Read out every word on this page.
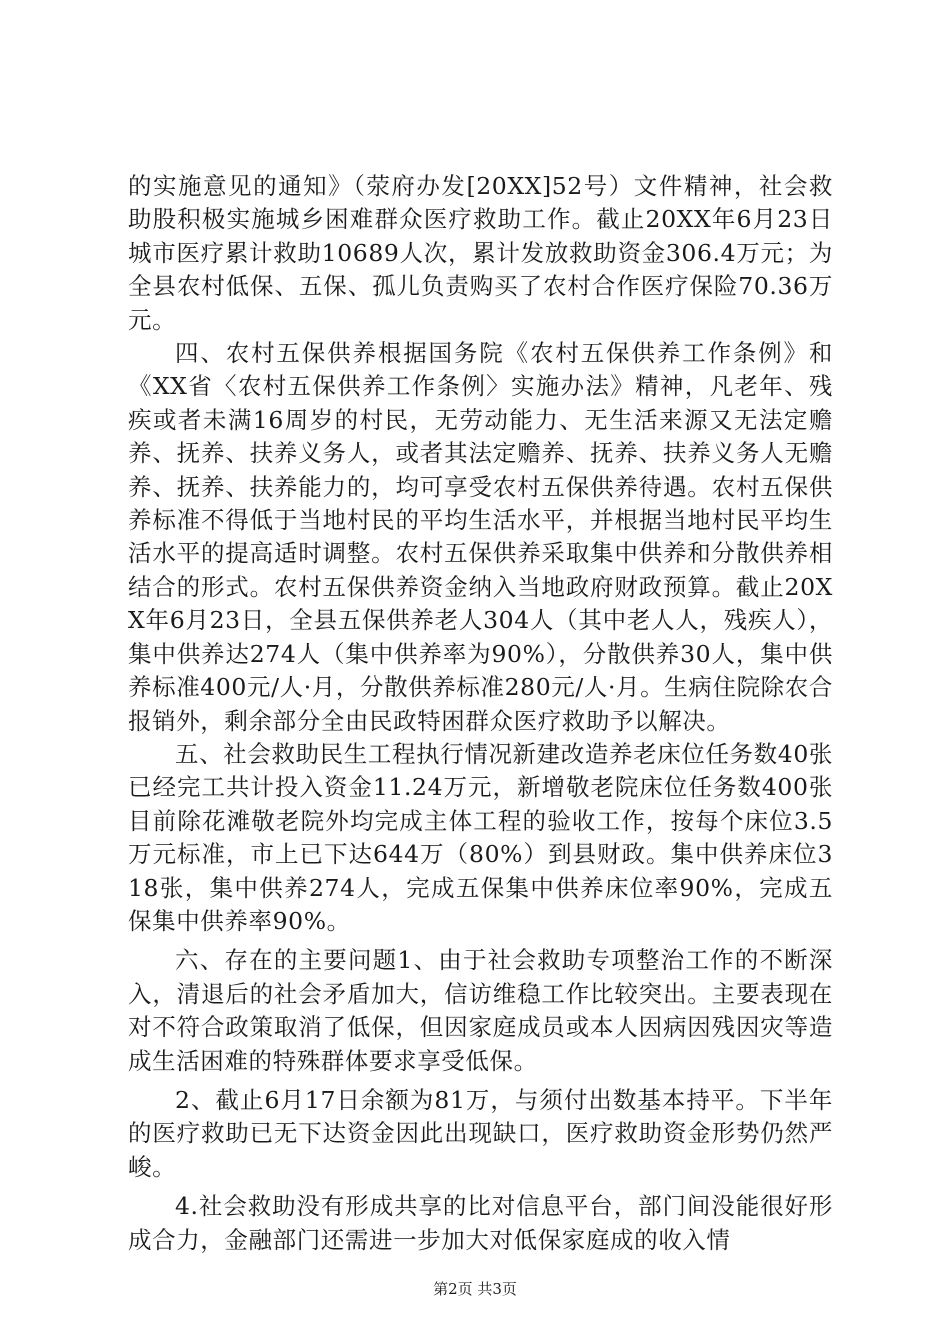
的实施意见的通知》（荥府办发[20XX]52号）文件精神，社会救助股积极实施城乡困难群众医疗救助工作。截止20XX年6月23日城市医疗累计救助10689人次，累计发放救助资金306.4万元；为全县农村低保、五保、孤儿负责购买了农村合作医疗保险70.36万元。

四、农村五保供养根据国务院《农村五保供养工作条例》和《XX省〈农村五保供养工作条例〉实施办法》精神，凡老年、残疾或者未满16周岁的村民，无劳动能力、无生活来源又无法定赡养、抚养、扶养义务人，或者其法定赡养、抚养、扶养义务人无赡养、抚养、扶养能力的，均可享受农村五保供养待遇。农村五保供养标准不得低于当地村民的平均生活水平，并根据当地村民平均生活水平的提高适时调整。农村五保供养采取集中供养和分散供养相结合的形式。农村五保供养资金纳入当地政府财政预算。截止20XX年6月23日，全县五保供养老人304人（其中老人人，残疾人），集中供养达274人（集中供养率为90%），分散供养30人，集中供养标准400元/人·月，分散供养标准280元/人·月。生病住院除农合报销外，剩余部分全由民政特困群众医疗救助予以解决。

五、社会救助民生工程执行情况新建改造养老床位任务数40张已经完工共计投入资金11.24万元，新增敬老院床位任务数400张目前除花滩敬老院外均完成主体工程的验收工作，按每个床位3.5万元标准，市上已下达644万（80%）到县财政。集中供养床位318张，集中供养274人，完成五保集中供养床位率90%，完成五保集中供养率90%。

六、存在的主要问题1、由于社会救助专项整治工作的不断深入，清退后的社会矛盾加大，信访维稳工作比较突出。主要表现在对不符合政策取消了低保，但因家庭成员或本人因病因残因灾等造成生活困难的特殊群体要求享受低保。

2、截止6月17日余额为81万，与须付出数基本持平。下半年的医疗救助已无下达资金因此出现缺口，医疗救助资金形势仍然严峻。

4.社会救助没有形成共享的比对信息平台，部门间没能很好形成合力，金融部门还需进一步加大对低保家庭成的收入情

第2页 共3页
